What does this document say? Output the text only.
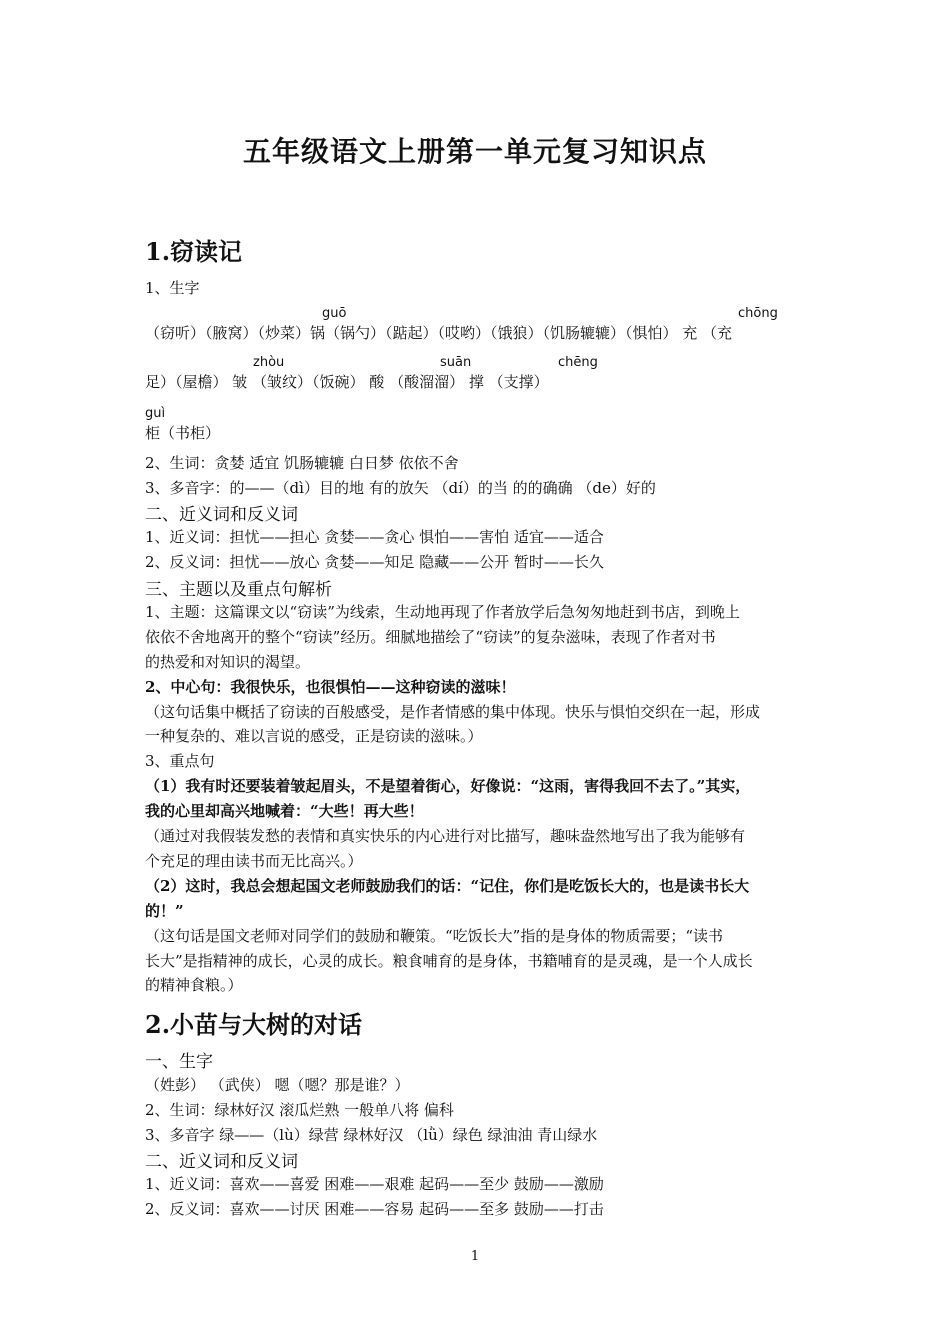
五年级语文上册第一单元复习知识点
1.窃读记
1、生字
guō	chōng
（窃听）（腋窝）（炒菜）锅（锅勺）（踮起）（哎哟）（饿狼）（饥肠辘辘）（惧怕） 充 （充
zhòu	suān	chēng
足）（屋檐） 皱 （皱纹）（饭碗） 酸 （酸溜溜） 撑 （支撑）
guì
柜（书柜）
2、生词：贪婪 适宜 饥肠辘辘 白日梦 依依不舍
3、多音字：的——（dì）目的地 有的放矢 （dí）的当 的的确确 （de）好的
二、近义词和反义词
1、近义词：担忧——担心 贪婪——贪心 惧怕——害怕 适宜——适合
2、反义词：担忧——放心 贪婪——知足 隐藏——公开 暂时——长久
三、主题以及重点句解析
1、主题：这篇课文以“窃读”为线索，生动地再现了作者放学后急匆匆地赶到书店，到晚上
依依不舍地离开的整个“窃读”经历。细腻地描绘了“窃读”的复杂滋味，表现了作者对书
的热爱和对知识的渴望。
2、中心句：我很快乐，也很惧怕——这种窃读的滋味！
（这句话集中概括了窃读的百般感受，是作者情感的集中体现。快乐与惧怕交织在一起，形成
一种复杂的、难以言说的感受，正是窃读的滋味。）
3、重点句
（1）我有时还要装着皱起眉头，不是望着街心，好像说：“这雨，害得我回不去了。”其实，
我的心里却高兴地喊着：“大些！再大些！
（通过对我假装发愁的表情和真实快乐的内心进行对比描写，趣味盎然地写出了我为能够有
个充足的理由读书而无比高兴。）
（2）这时，我总会想起国文老师鼓励我们的话：“记住，你们是吃饭长大的，也是读书长大
的！”
（这句话是国文老师对同学们的鼓励和鞭策。“吃饭长大”指的是身体的物质需要；“读书
长大”是指精神的成长，心灵的成长。粮食哺育的是身体，书籍哺育的是灵魂，是一个人成长
的精神食粮。）
2.小苗与大树的对话
一、生字
（姓彭） （武侠） 嗯（嗯？那是谁？）
2、生词：绿林好汉 滚瓜烂熟 一般单八将 偏科
3、多音字 绿——（lù）绿营 绿林好汉 （lǜ）绿色 绿油油 青山绿水
二、近义词和反义词
1、近义词：喜欢——喜爱 困难——艰难 起码——至少 鼓励——激励
2、反义词：喜欢——讨厌 困难——容易 起码——至多 鼓励——打击
1
